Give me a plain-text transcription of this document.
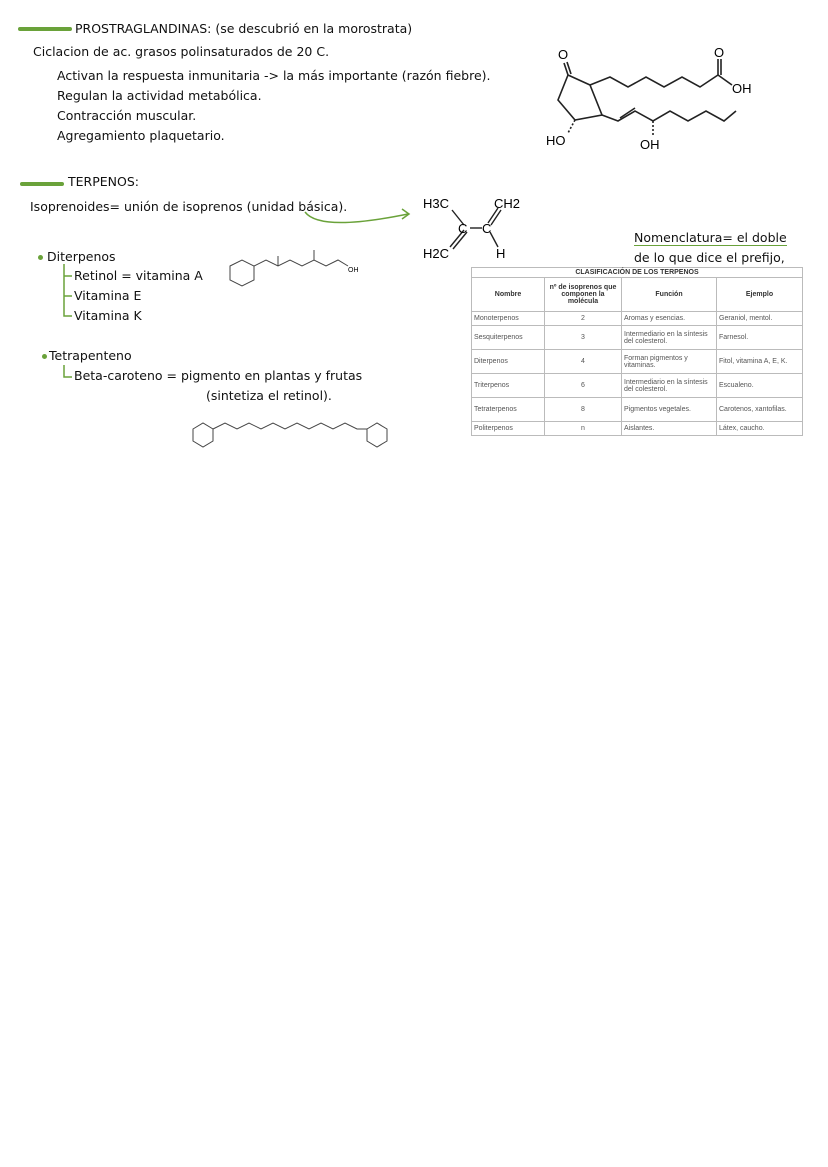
PROSTRAGLANDINAS: (se descubrió en la morostrata)
Ciclacion de ac. grasos polinsaturados de 20 C.
Activan la respuesta inmunitaria -> la más importante (razón fiebre).
Regulan la actividad metabólica.
Contracción muscular.
Agregamiento plaquetario.
O	O
OH
HO	OH
TERPENOS:
Isoprenoides= unión de isoprenos (unidad básica).	H3C	CH2
H2C
C C
H
Nomenclatura= el doble
de lo que dice el prefijo,
Diterpenos
Retinol = vitamina A
Vitamina E
Vitamina K
OH
Tetrapenteno
Beta-caroteno = pigmento en plantas y frutas
(sintetiza el retinol).
CLASIFICACIÓN DE LOS TERPENOS			
Nombre	nº de isoprenos que componen la molécula	Función	Ejemplo
Monoterpenos	2	Aromas y esencias.	Geraniol, mentol.
Sesquiterpenos	3	Intermediario en la síntesis del colesterol.	Farnesol.
Diterpenos	4	Forman pigmentos y vitaminas.	Fitol, vitamina A, E, K.
Triterpenos	6	Intermediario en la síntesis del colesterol.	Escualeno.
Tetraterpenos	8	Pigmentos vegetales.	Carotenos, xantofilas.
Politerpenos	n	Aislantes.	Látex, caucho.
